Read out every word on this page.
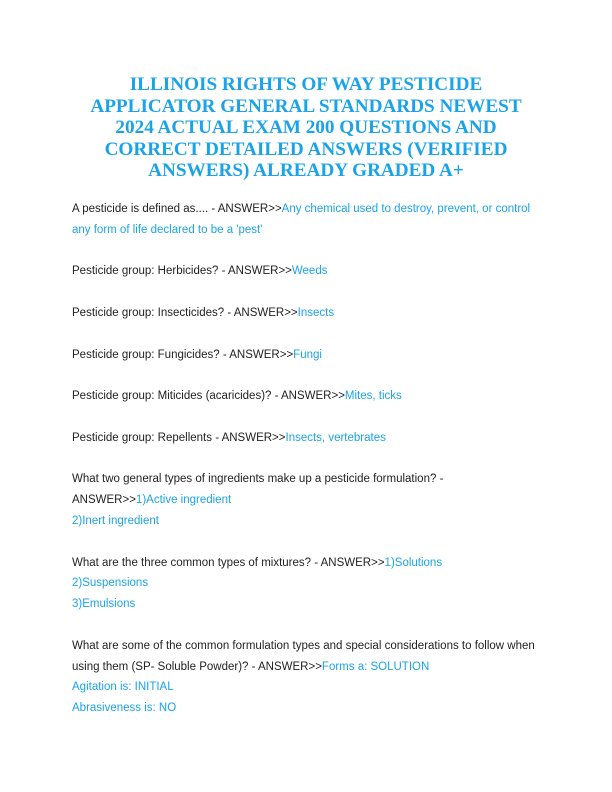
ILLINOIS RIGHTS OF WAY PESTICIDE APPLICATOR GENERAL STANDARDS NEWEST 2024 ACTUAL EXAM 200 QUESTIONS AND CORRECT DETAILED ANSWERS (VERIFIED ANSWERS) ALREADY GRADED A+
A pesticide is defined as.... - ANSWER>>Any chemical used to destroy, prevent, or control any form of life declared to be a 'pest'
Pesticide group: Herbicides? - ANSWER>>Weeds
Pesticide group: Insecticides? - ANSWER>>Insects
Pesticide group: Fungicides? - ANSWER>>Fungi
Pesticide group: Miticides (acaricides)? - ANSWER>>Mites, ticks
Pesticide group: Repellents - ANSWER>>Insects, vertebrates
What two general types of ingredients make up a pesticide formulation? - ANSWER>>1)Active ingredient
2)Inert ingredient
What are the three common types of mixtures? - ANSWER>>1)Solutions
2)Suspensions
3)Emulsions
What are some of the common formulation types and special considerations to follow when using them (SP- Soluble Powder)? - ANSWER>>Forms a: SOLUTION
Agitation is: INITIAL
Abrasiveness is: NO
